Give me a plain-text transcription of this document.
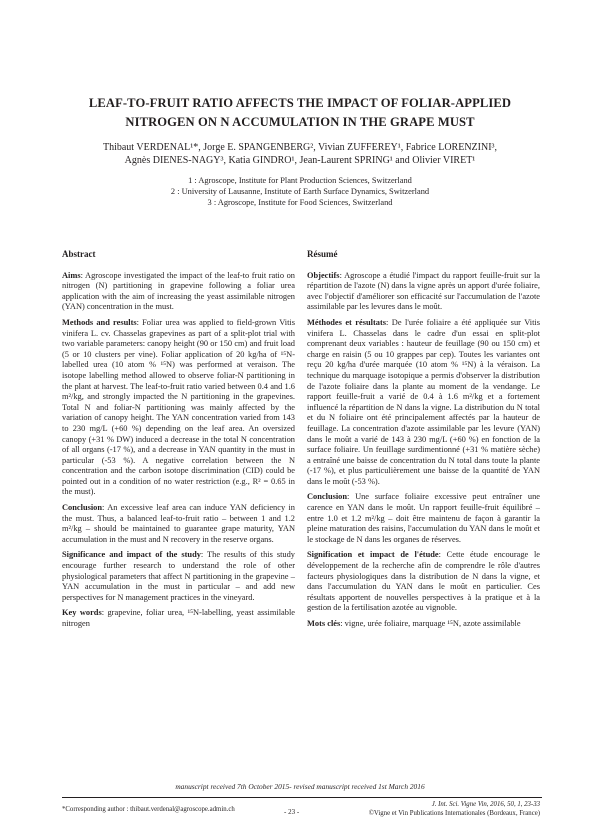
LEAF-TO-FRUIT RATIO AFFECTS THE IMPACT OF FOLIAR-APPLIED
NITROGEN ON N ACCUMULATION IN THE GRAPE MUST
Thibaut VERDENAL¹*, Jorge E. SPANGENBERG², Vivian ZUFFEREY¹, Fabrice LORENZINI³,
Agnès DIENES-NAGY³, Katia GINDRO¹, Jean-Laurent SPRING¹ and Olivier VIRET¹
1 : Agroscope, Institute for Plant Production Sciences, Switzerland
2 : University of Lausanne, Institute of Earth Surface Dynamics, Switzerland
3 : Agroscope, Institute for Food Sciences, Switzerland
Abstract

Aims: Agroscope investigated the impact of the leaf-to fruit ratio on nitrogen (N) partitioning in grapevine following a foliar urea application with the aim of increasing the yeast assimilable nitrogen (YAN) concentration in the must.

Methods and results: Foliar urea was applied to field-grown Vitis vinifera L. cv. Chasselas grapevines as part of a split-plot trial with two variable parameters: canopy height (90 or 150 cm) and fruit load (5 or 10 clusters per vine). Foliar application of 20 kg/ha of ¹⁵N-labelled urea (10 atom % ¹⁵N) was performed at veraison. The isotope labelling method allowed to observe foliar-N partitioning in the plant at harvest. The leaf-to-fruit ratio varied between 0.4 and 1.6 m²/kg, and strongly impacted the N partitioning in the grapevines. Total N and foliar-N partitioning was mainly affected by the variation of canopy height. The YAN concentration varied from 143 to 230 mg/L (+60 %) depending on the leaf area. An oversized canopy (+31 % DW) induced a decrease in the total N concentration of all organs (-17 %), and a decrease in YAN quantity in the must in particular (-53 %). A negative correlation between the N concentration and the carbon isotope discrimination (CID) could be pointed out in a condition of no water restriction (e.g., R² = 0.65 in the must).

Conclusion: An excessive leaf area can induce YAN deficiency in the must. Thus, a balanced leaf-to-fruit ratio – between 1 and 1.2 m²/kg – should be maintained to guarantee grape maturity, YAN accumulation in the must and N recovery in the reserve organs.

Significance and impact of the study: The results of this study encourage further research to understand the role of other physiological parameters that affect N partitioning in the grapevine – YAN accumulation in the must in particular – and add new perspectives for N management practices in the vineyard.

Key words: grapevine, foliar urea, ¹⁵N-labelling, yeast assimilable nitrogen

Résumé

Objectifs: Agroscope a étudié l'impact du rapport feuille-fruit sur la répartition de l'azote (N) dans la vigne après un apport d'urée foliaire, avec l'objectif d'améliorer son efficacité sur l'accumulation de l'azote assimilable par les levures dans le moût.

Méthodes et résultats: De l'urée foliaire a été appliquée sur Vitis vinifera L. Chasselas dans le cadre d'un essai en split-plot comprenant deux variables : hauteur de feuillage (90 ou 150 cm) et charge en raisin (5 ou 10 grappes par cep). Toutes les variantes ont reçu 20 kg/ha d'urée marquée (10 atom % ¹⁵N) à la véraison. La technique du marquage isotopique a permis d'observer la distribution de l'azote foliaire dans la plante au moment de la vendange. Le rapport feuille-fruit a varié de 0.4 à 1.6 m²/kg et a fortement influencé la répartition de N dans la vigne. La distribution du N total et du N foliaire ont été principalement affectés par la hauteur de feuillage. La concentration d'azote assimilable par les levure (YAN) dans le moût a varié de 143 à 230 mg/L (+60 %) en fonction de la surface foliaire. Un feuillage surdimentionné (+31 % matière sèche) a entraîné une baisse de concentration du N total dans toute la plante (-17 %), et plus particulièrement une baisse de la quantité de YAN dans le moût (-53 %).

Conclusion: Une surface foliaire excessive peut entraîner une carence en YAN dans le moût. Un rapport feuille-fruit équilibré – entre 1.0 et 1.2 m²/kg – doit être maintenu de façon à garantir la pleine maturation des raisins, l'accumulation du YAN dans le moût et le stockage de N dans les organes de réserves.

Signification et impact de l'étude: Cette étude encourage le développement de la recherche afin de comprendre le rôle d'autres facteurs physiologiques dans la distribution de N dans la vigne, et dans l'accumulation du YAN dans le moût en particulier. Ces résultats apportent de nouvelles perspectives à la pratique et à la gestion de la fertilisation azotée au vignoble.

Mots clés: vigne, urée foliaire, marquage ¹⁵N, azote assimilable

manuscript received 7th October 2015- revised manuscript received 1st March 2016
*Corresponding author : thibaut.verdenal@agroscope.admin.ch	- 23 -
J. Int. Sci. Vigne Vin, 2016, 50, 1, 23-33
©Vigne et Vin Publications Internationales (Bordeaux, France)
